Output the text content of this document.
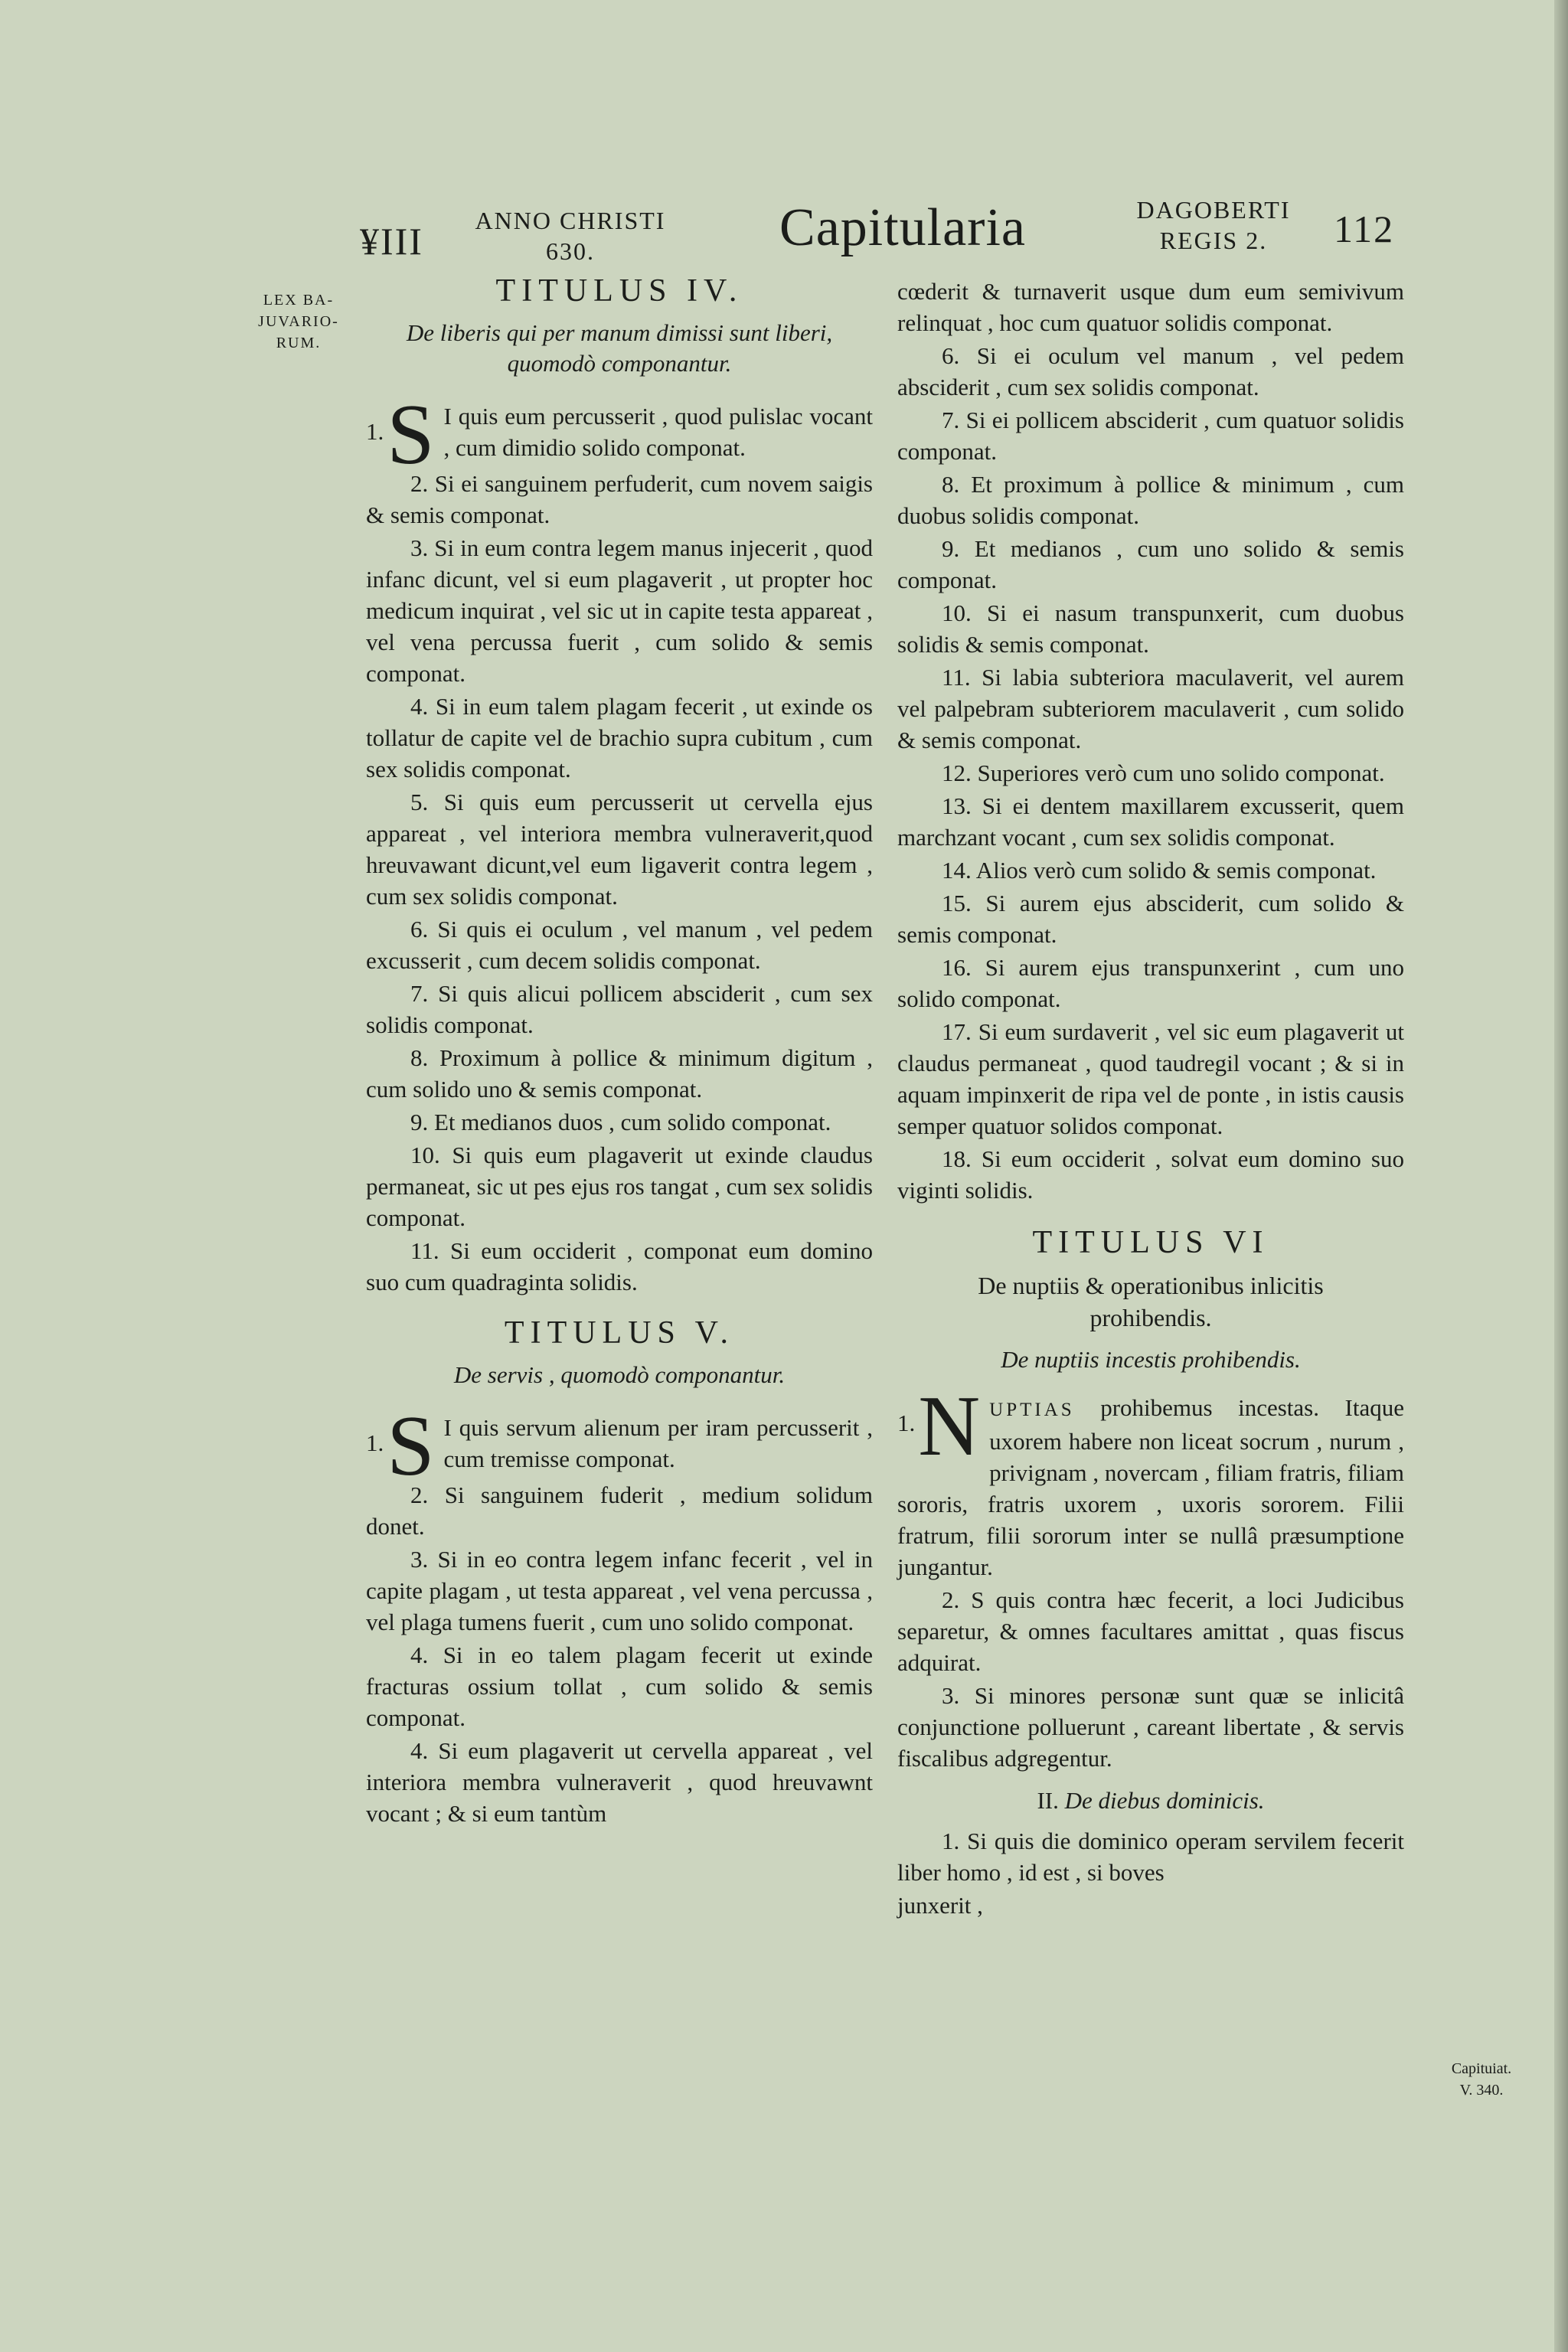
¥III	ANNO CHRISTI
630.	Capitularia	DAGOBERTI
REGIS 2.	112
LEX BA-
JUVARIO-
RUM.
Capituiat.
V. 340.
TITULUS IV.
De liberis qui per manum dimissi sunt liberi,
quomodò componantur.

1. S I quis eum percusserit , quod pulislac vocant , cum dimidio solido componat.

2. Si ei sanguinem perfuderit, cum novem saigis & semis componat.

3. Si in eum contra legem manus injecerit , quod infanc dicunt, vel si eum plagaverit , ut propter hoc medicum inquirat , vel sic ut in capite testa appareat , vel vena percussa fuerit , cum solido & semis componat.

4. Si in eum talem plagam fecerit , ut exinde os tollatur de capite vel de brachio supra cubitum , cum sex solidis componat.

5. Si quis eum percusserit ut cervella ejus appareat , vel interiora membra vulneraverit,quod hreuvawant dicunt,vel eum ligaverit contra legem , cum sex solidis componat.

6. Si quis ei oculum , vel manum , vel pedem excusserit , cum decem solidis componat.

7. Si quis alicui pollicem absciderit , cum sex solidis componat.

8. Proximum à pollice & minimum digitum , cum solido uno & semis componat.

9. Et medianos duos , cum solido componat.

10. Si quis eum plagaverit ut exinde claudus permaneat, sic ut pes ejus ros tangat , cum sex solidis componat.

11. Si eum occiderit , componat eum domino suo cum quadraginta solidis.

TITULUS V.
De servis , quomodò componantur.

1. S I quis servum alienum per iram percusserit , cum tremisse componat.

2. Si sanguinem fuderit , medium solidum donet.

3. Si in eo contra legem infanc fecerit , vel in capite plagam , ut testa appareat , vel vena percussa , vel plaga tumens fuerit , cum uno solido componat.

4. Si in eo talem plagam fecerit ut exinde fracturas ossium tollat , cum solido & semis componat.

4. Si eum plagaverit ut cervella appareat , vel interiora membra vulneraverit , quod hreuvawnt vocant ; & si eum tantùm

cœderit & turnaverit usque dum eum semivivum relinquat , hoc cum quatuor solidis componat.

6. Si ei oculum vel manum , vel pedem absciderit , cum sex solidis componat.

7. Si ei pollicem absciderit , cum quatuor solidis componat.

8. Et proximum à pollice & minimum , cum duobus solidis componat.

9. Et medianos , cum uno solido & semis componat.

10. Si ei nasum transpunxerit, cum duobus solidis & semis componat.

11. Si labia subteriora maculaverit, vel aurem vel palpebram subteriorem maculaverit , cum solido & semis componat.

12. Superiores verò cum uno solido componat.

13. Si ei dentem maxillarem excusserit, quem marchzant vocant , cum sex solidis componat.

14. Alios verò cum solido & semis componat.

15. Si aurem ejus absciderit, cum solido & semis componat.

16. Si aurem ejus transpunxerint , cum uno solido componat.

17. Si eum surdaverit , vel sic eum plagaverit ut claudus permaneat , quod taudregil vocant ; & si in aquam impinxerit de ripa vel de ponte , in istis causis semper quatuor solidos componat.

18. Si eum occiderit , solvat eum domino suo viginti solidis.

TITULUS VI
De nuptiis & operationibus inlicitis
prohibendis.
De nuptiis incestis prohibendis.

1. N UPTIAS prohibemus incestas. Itaque uxorem habere non liceat socrum , nurum , privignam , novercam , filiam fratris, filiam sororis, fratris uxorem , uxoris sororem. Filii fratrum, filii sororum inter se nullâ præsumptione jungantur.

2. S quis contra hæc fecerit, a loci Judicibus separetur, & omnes facultares amittat , quas fiscus adquirat.

3. Si minores personæ sunt quæ se inlicitâ conjunctione polluerunt , careant libertate , & servis fiscalibus adgregentur.

II. De diebus dominicis.

1. Si quis die dominico operam servilem fecerit liber homo , id est , si boves

junxerit ,
